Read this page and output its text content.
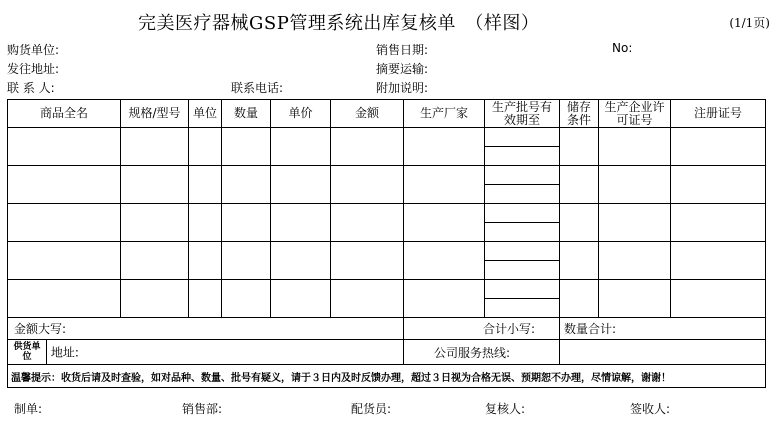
完美医疗器械GSP管理系统出库复核单　（样图）	(1/1页)
购货单位:
发往地址:
联 系 人:	联系电话:
销售日期:
摘要运输:
附加说明:
No:
商品全名	规格/型号	单位	数量	单价	金额	生产厂家	生产批号有效期至	储存条件	生产企业许可证号	注册证号

金额大写:						合计小写:		数量合计:		
供货单位 地址:						公司服务热线:				
温馨提示：收货后请及时查验，如对品种、数量、批号有疑义，请于３日内及时反馈办理，超过３日视为合格无误、预期恕不办理，尽情谅解，谢谢！										
制单:	销售部:	配货员:	复核人:	签收人:
